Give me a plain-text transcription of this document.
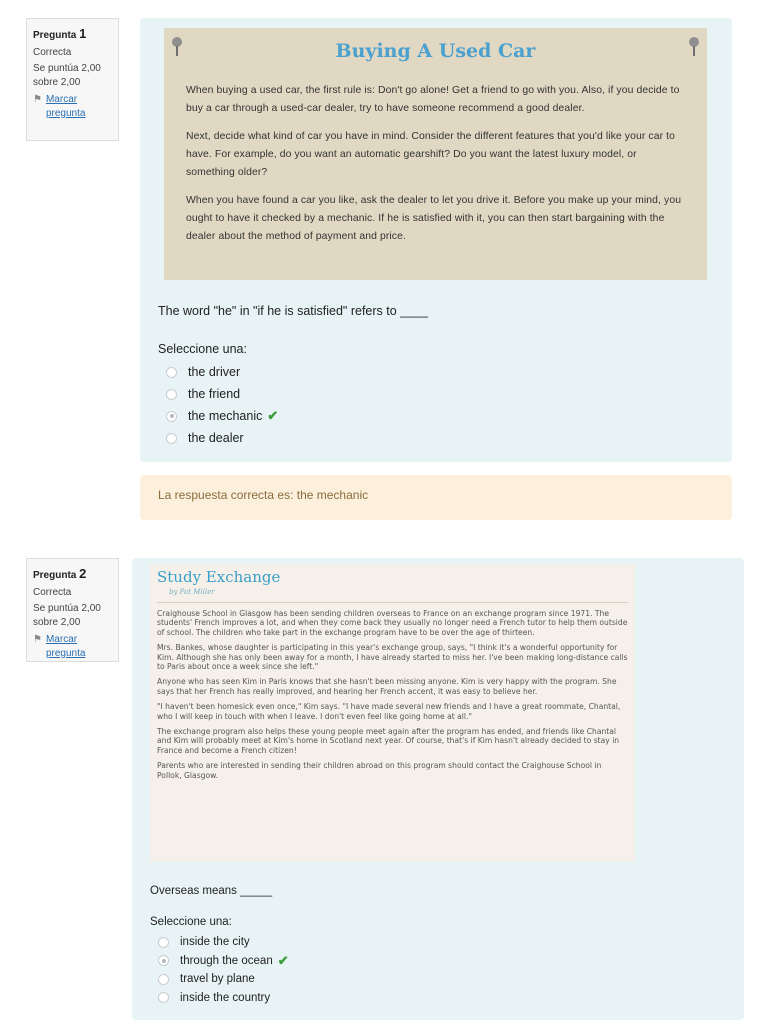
Pregunta 1
Correcta
Se puntúa 2,00 sobre 2,00
⚑ Marcar pregunta
Buying A Used Car

When buying a used car, the first rule is: Don't go alone! Get a friend to go with you. Also, if you decide to buy a car through a used-car dealer, try to have someone recommend a good dealer.

Next, decide what kind of car you have in mind. Consider the different features that you'd like your car to have. For example, do you want an automatic gearshift? Do you want the latest luxury model, or something older?

When you have found a car you like, ask the dealer to let you drive it. Before you make up your mind, you ought to have it checked by a mechanic. If he is satisfied with it, you can then start bargaining with the dealer about the method of payment and price.

The word "he" in "if he is satisfied" refers to ____
Seleccione una:
the driver
the friend
the mechanic ✔
the dealer
La respuesta correcta es: the mechanic
Pregunta 2
Correcta
Se puntúa 2,00 sobre 2,00
⚑ Marcar pregunta
Study Exchange
by Pat Miller

Craighouse School in Glasgow has been sending children overseas to France on an exchange program since 1971. The students' French improves a lot, and when they come back they usually no longer need a French tutor to help them outside of school. The children who take part in the exchange program have to be over the age of thirteen.

Mrs. Bankes, whose daughter is participating in this year's exchange group, says, "I think it's a wonderful opportunity for Kim. Although she has only been away for a month, I have already started to miss her. I've been making long-distance calls to Paris about once a week since she left."

Anyone who has seen Kim in Paris knows that she hasn't been missing anyone. Kim is very happy with the program. She says that her French has really improved, and hearing her French accent, it was easy to believe her.

"I haven't been homesick even once," Kim says. "I have made several new friends and I have a great roommate, Chantal, who I will keep in touch with when I leave. I don't even feel like going home at all."

The exchange program also helps these young people meet again after the program has ended, and friends like Chantal and Kim will probably meet at Kim's home in Scotland next year. Of course, that's if Kim hasn't already decided to stay in France and become a French citizen!

Parents who are interested in sending their children abroad on this program should contact the Craighouse School in Pollok, Glasgow.

Overseas means _____
Seleccione una:
inside the city
through the ocean ✔
travel by plane
inside the country
